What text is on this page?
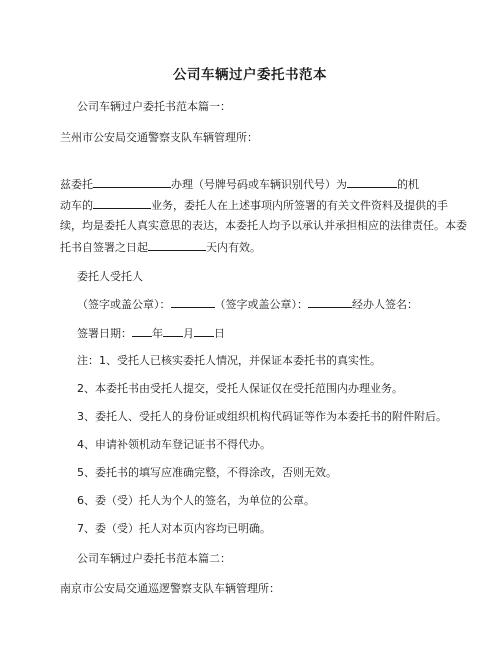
公司车辆过户委托书范本
公司车辆过户委托书范本篇一：
兰州市公安局交通警察支队车辆管理所：
兹委托	办理（号牌号码或车辆识别代号）为	的机
动车的	业务，委托人在上述事项内所签署的有关文件资料及提供的手
续，均是委托人真实意思的表达，本委托人均予以承认并承担相应的法律责任。本委
托书自签署之日起	天内有效。
委托人受托人
（签字或盖公章）：	（签字或盖公章）：	经办人签名：
签署日期： 年 月 日
注：1、受托人已核实委托人情况，并保证本委托书的真实性。
2、本委托书由受托人提交，受托人保证仅在受托范围内办理业务。
3、委托人、受托人的身份证或组织机构代码证等作为本委托书的附件附后。
4、申请补领机动车登记证书不得代办。
5、委托书的填写应准确完整，不得涂改，否则无效。
6、委（受）托人为个人的签名，为单位的公章。
7、委（受）托人对本页内容均已明确。
公司车辆过户委托书范本篇二：
南京市公安局交通巡逻警察支队车辆管理所：
